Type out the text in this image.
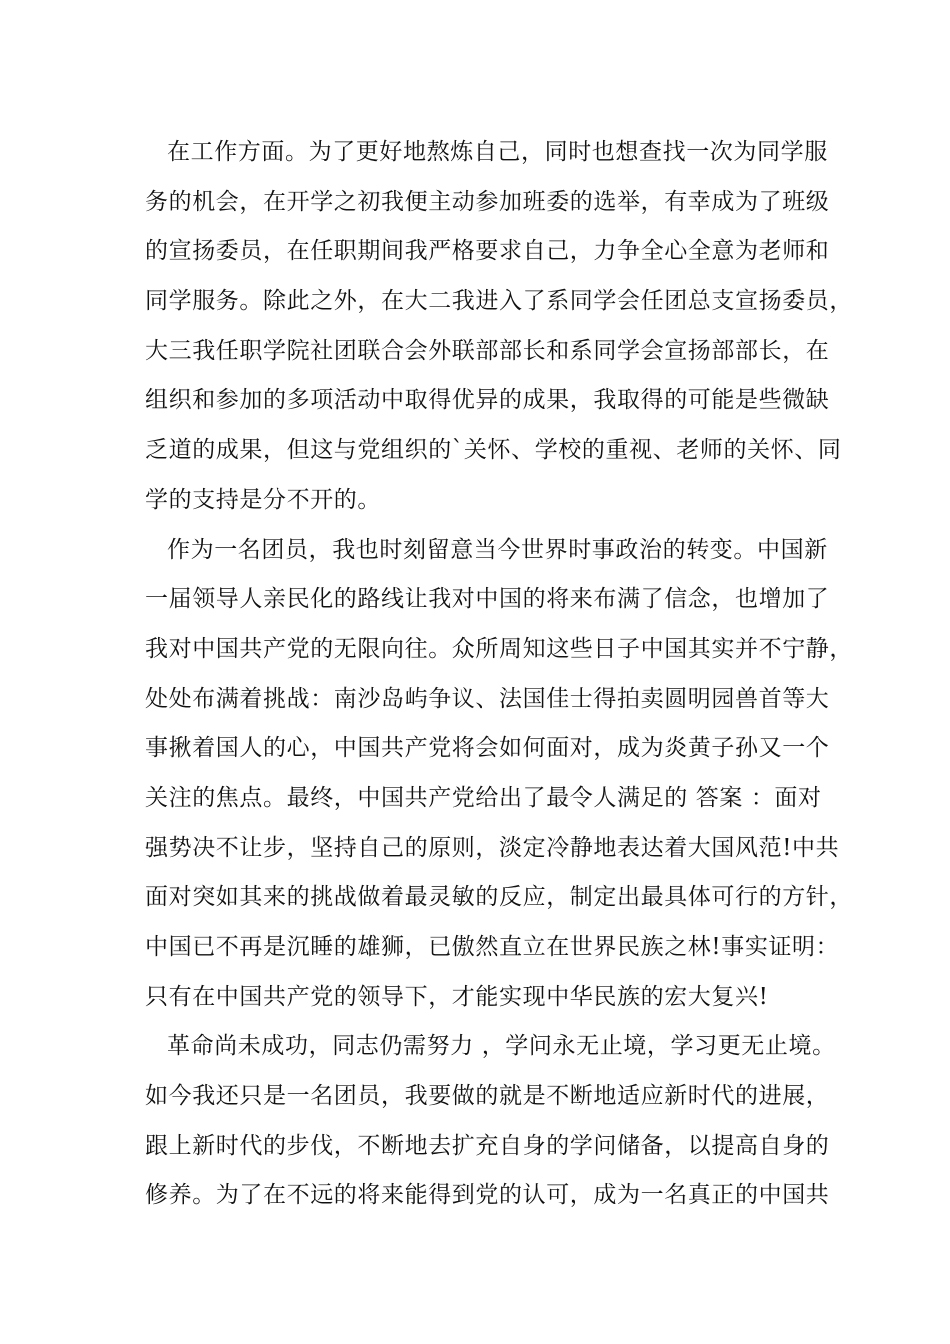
在工作方面。为了更好地熬炼自己，同时也想查找一次为同学服
务的机会，在开学之初我便主动参加班委的选举，有幸成为了班级
的宣扬委员，在任职期间我严格要求自己，力争全心全意为老师和
同学服务。除此之外，在大二我进入了系同学会任团总支宣扬委员，
大三我任职学院社团联合会外联部部长和系同学会宣扬部部长，在
组织和参加的多项活动中取得优异的成果，我取得的可能是些微缺
乏道的成果，但这与党组织的`关怀、学校的重视、老师的关怀、同
学的支持是分不开的。
作为一名团员，我也时刻留意当今世界时事政治的转变。中国新
一届领导人亲民化的路线让我对中国的将来布满了信念，也增加了
我对中国共产党的无限向往。众所周知这些日子中国其实并不宁静，
处处布满着挑战：南沙岛屿争议、法国佳士得拍卖圆明园兽首等大
事揪着国人的心，中国共产党将会如何面对，成为炎黄子孙又一个
关注的焦点。最终，中国共产党给出了最令人满足的 答案 ：面对
强势决不让步，坚持自己的原则，淡定冷静地表达着大国风范!中共
面对突如其来的挑战做着最灵敏的反应，制定出最具体可行的方针，
中国已不再是沉睡的雄狮，已傲然直立在世界民族之林!事实证明：
只有在中国共产党的领导下，才能实现中华民族的宏大复兴!
革命尚未成功，同志仍需努力 ，学问永无止境，学习更无止境。
如今我还只是一名团员，我要做的就是不断地适应新时代的进展，
跟上新时代的步伐，不断地去扩充自身的学问储备，以提高自身的
修养。为了在不远的将来能得到党的认可，成为一名真正的中国共
